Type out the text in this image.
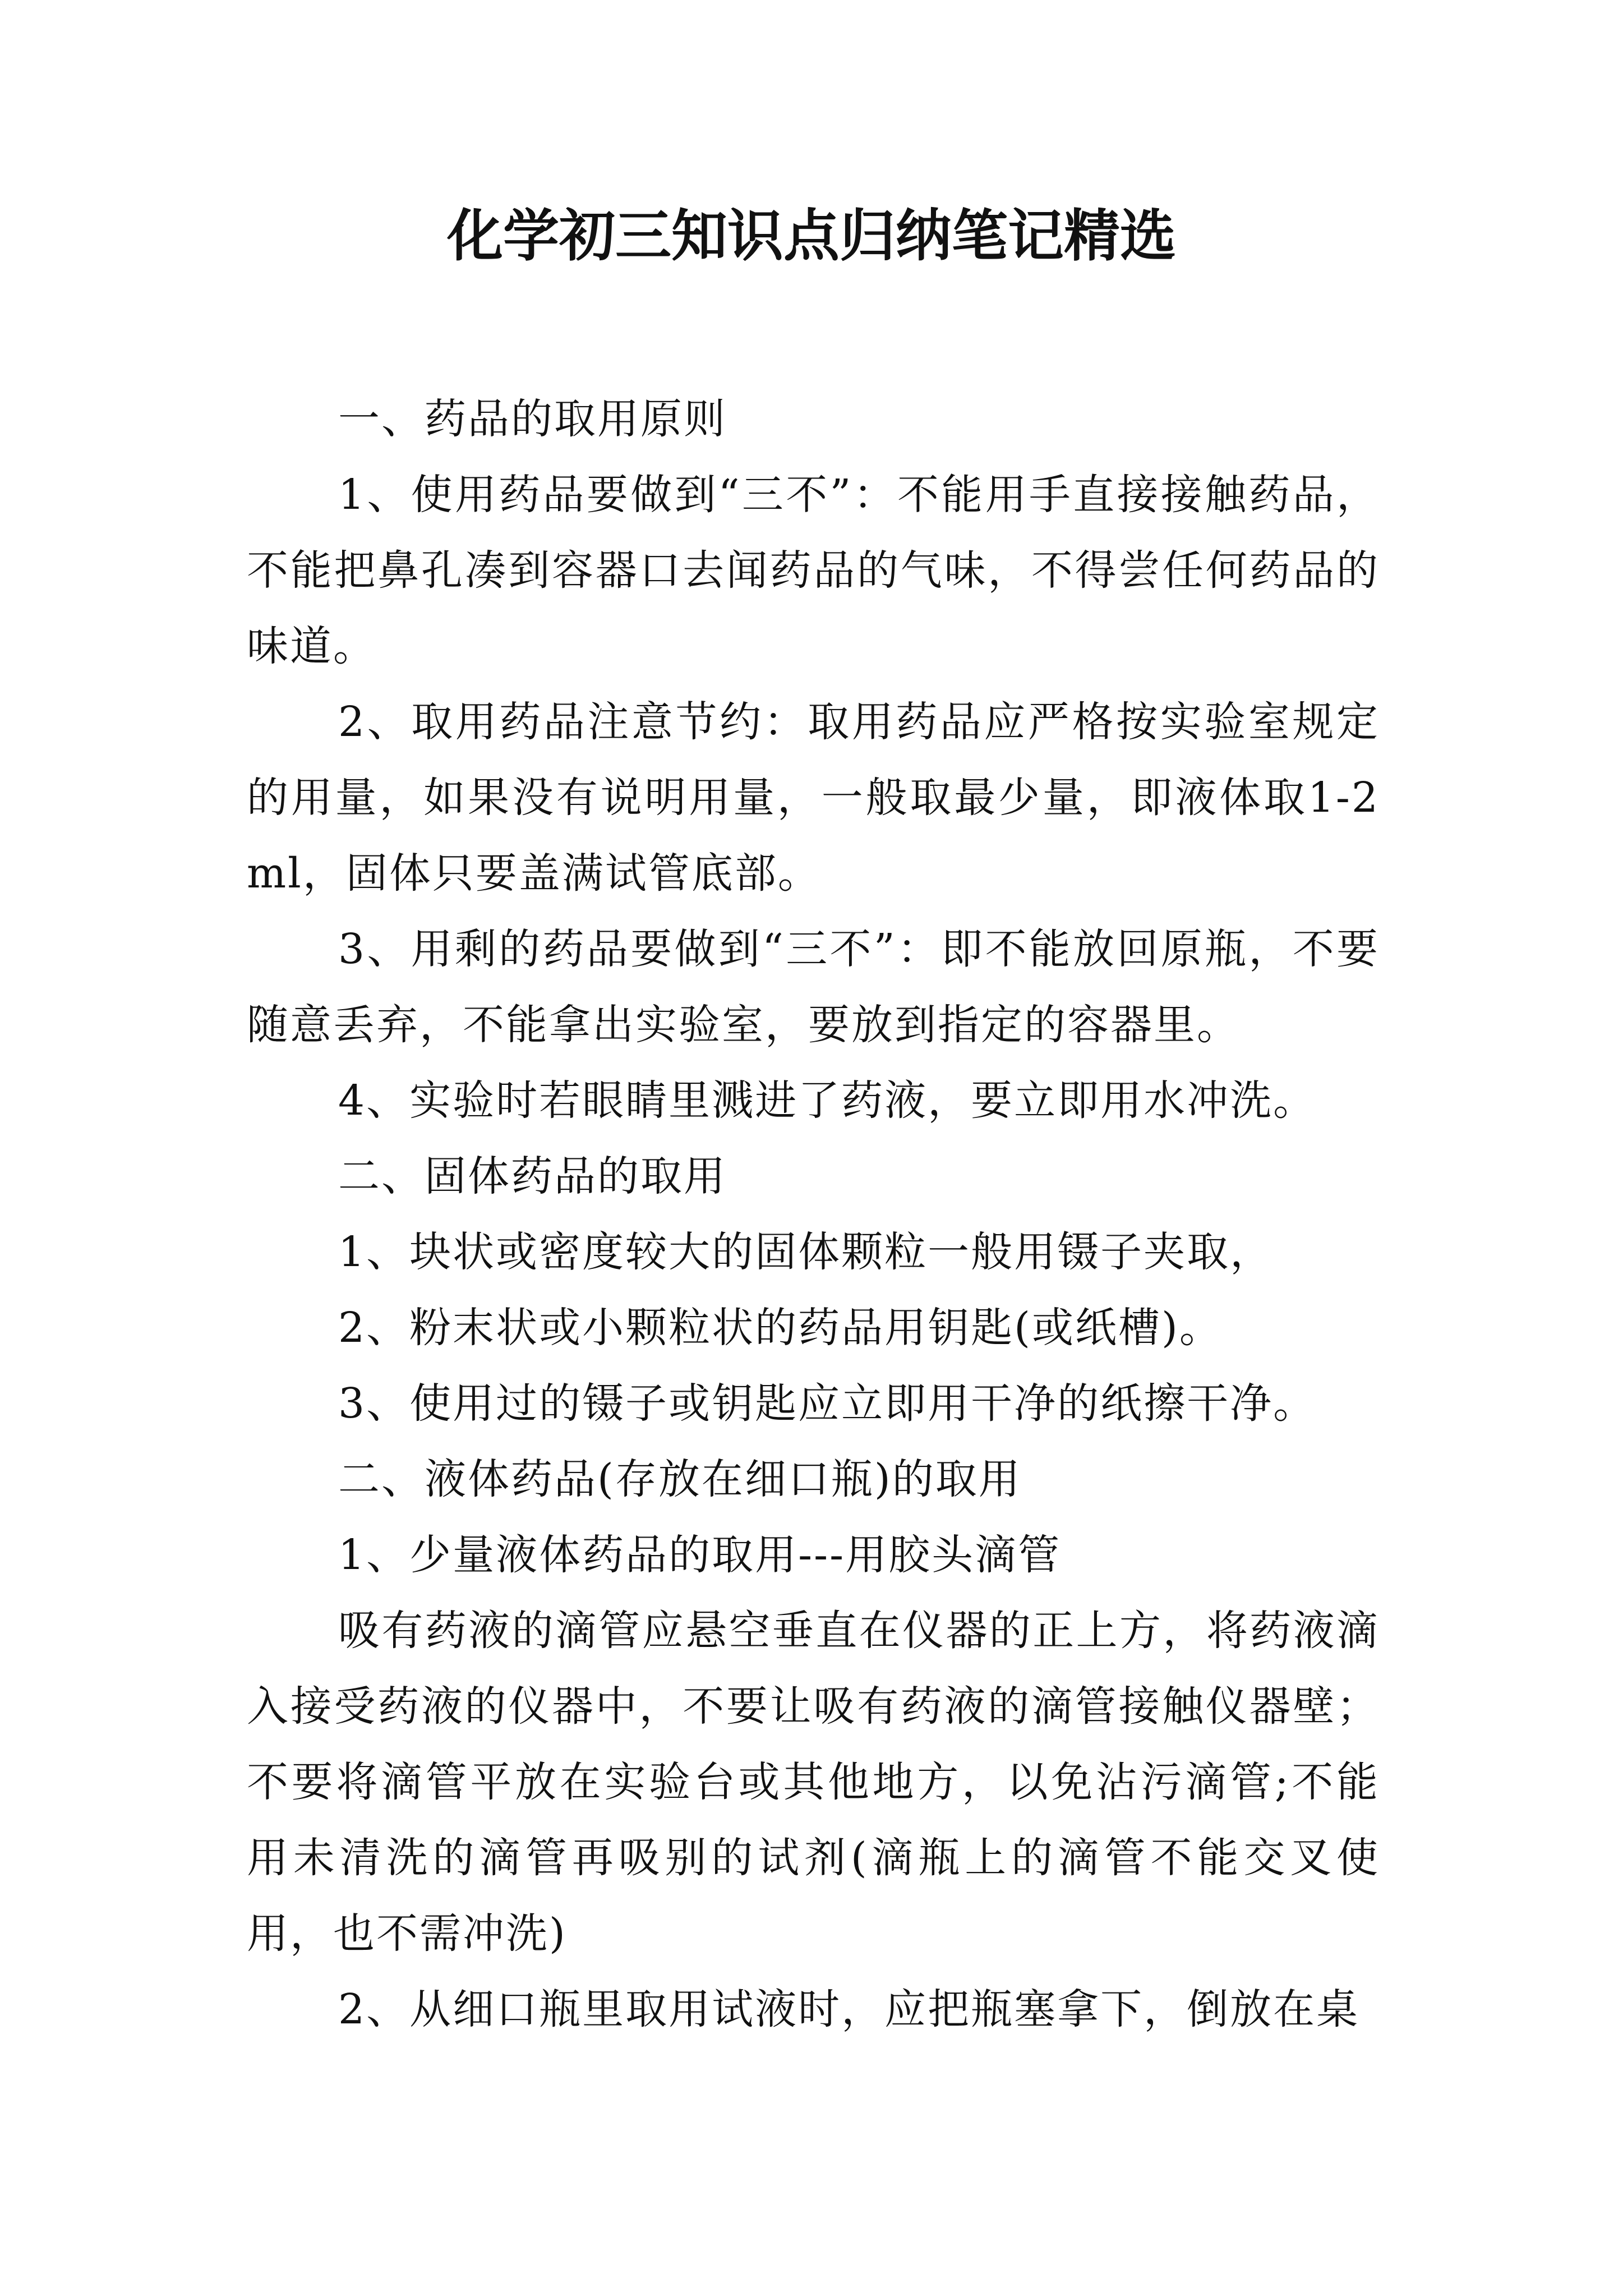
化学初三知识点归纳笔记精选

一、药品的取用原则

1、使用药品要做到“三不”：不能用手直接接触药品，不能把鼻孔凑到容器口去闻药品的气味，不得尝任何药品的味道。

2、取用药品注意节约：取用药品应严格按实验室规定的用量，如果没有说明用量，一般取最少量，即液体取1-2ml，固体只要盖满试管底部。

3、用剩的药品要做到“三不”：即不能放回原瓶，不要随意丢弃，不能拿出实验室，要放到指定的容器里。

4、实验时若眼睛里溅进了药液，要立即用水冲洗。

二、固体药品的取用

1、块状或密度较大的固体颗粒一般用镊子夹取，

2、粉末状或小颗粒状的药品用钥匙(或纸槽)。

3、使用过的镊子或钥匙应立即用干净的纸擦干净。

二、液体药品(存放在细口瓶)的取用

1、少量液体药品的取用---用胶头滴管

吸有药液的滴管应悬空垂直在仪器的正上方，将药液滴入接受药液的仪器中，不要让吸有药液的滴管接触仪器壁；不要将滴管平放在实验台或其他地方，以免沾污滴管;不能用未清洗的滴管再吸别的试剂(滴瓶上的滴管不能交叉使用，也不需冲洗)

2、从细口瓶里取用试液时，应把瓶塞拿下，倒放在桌
